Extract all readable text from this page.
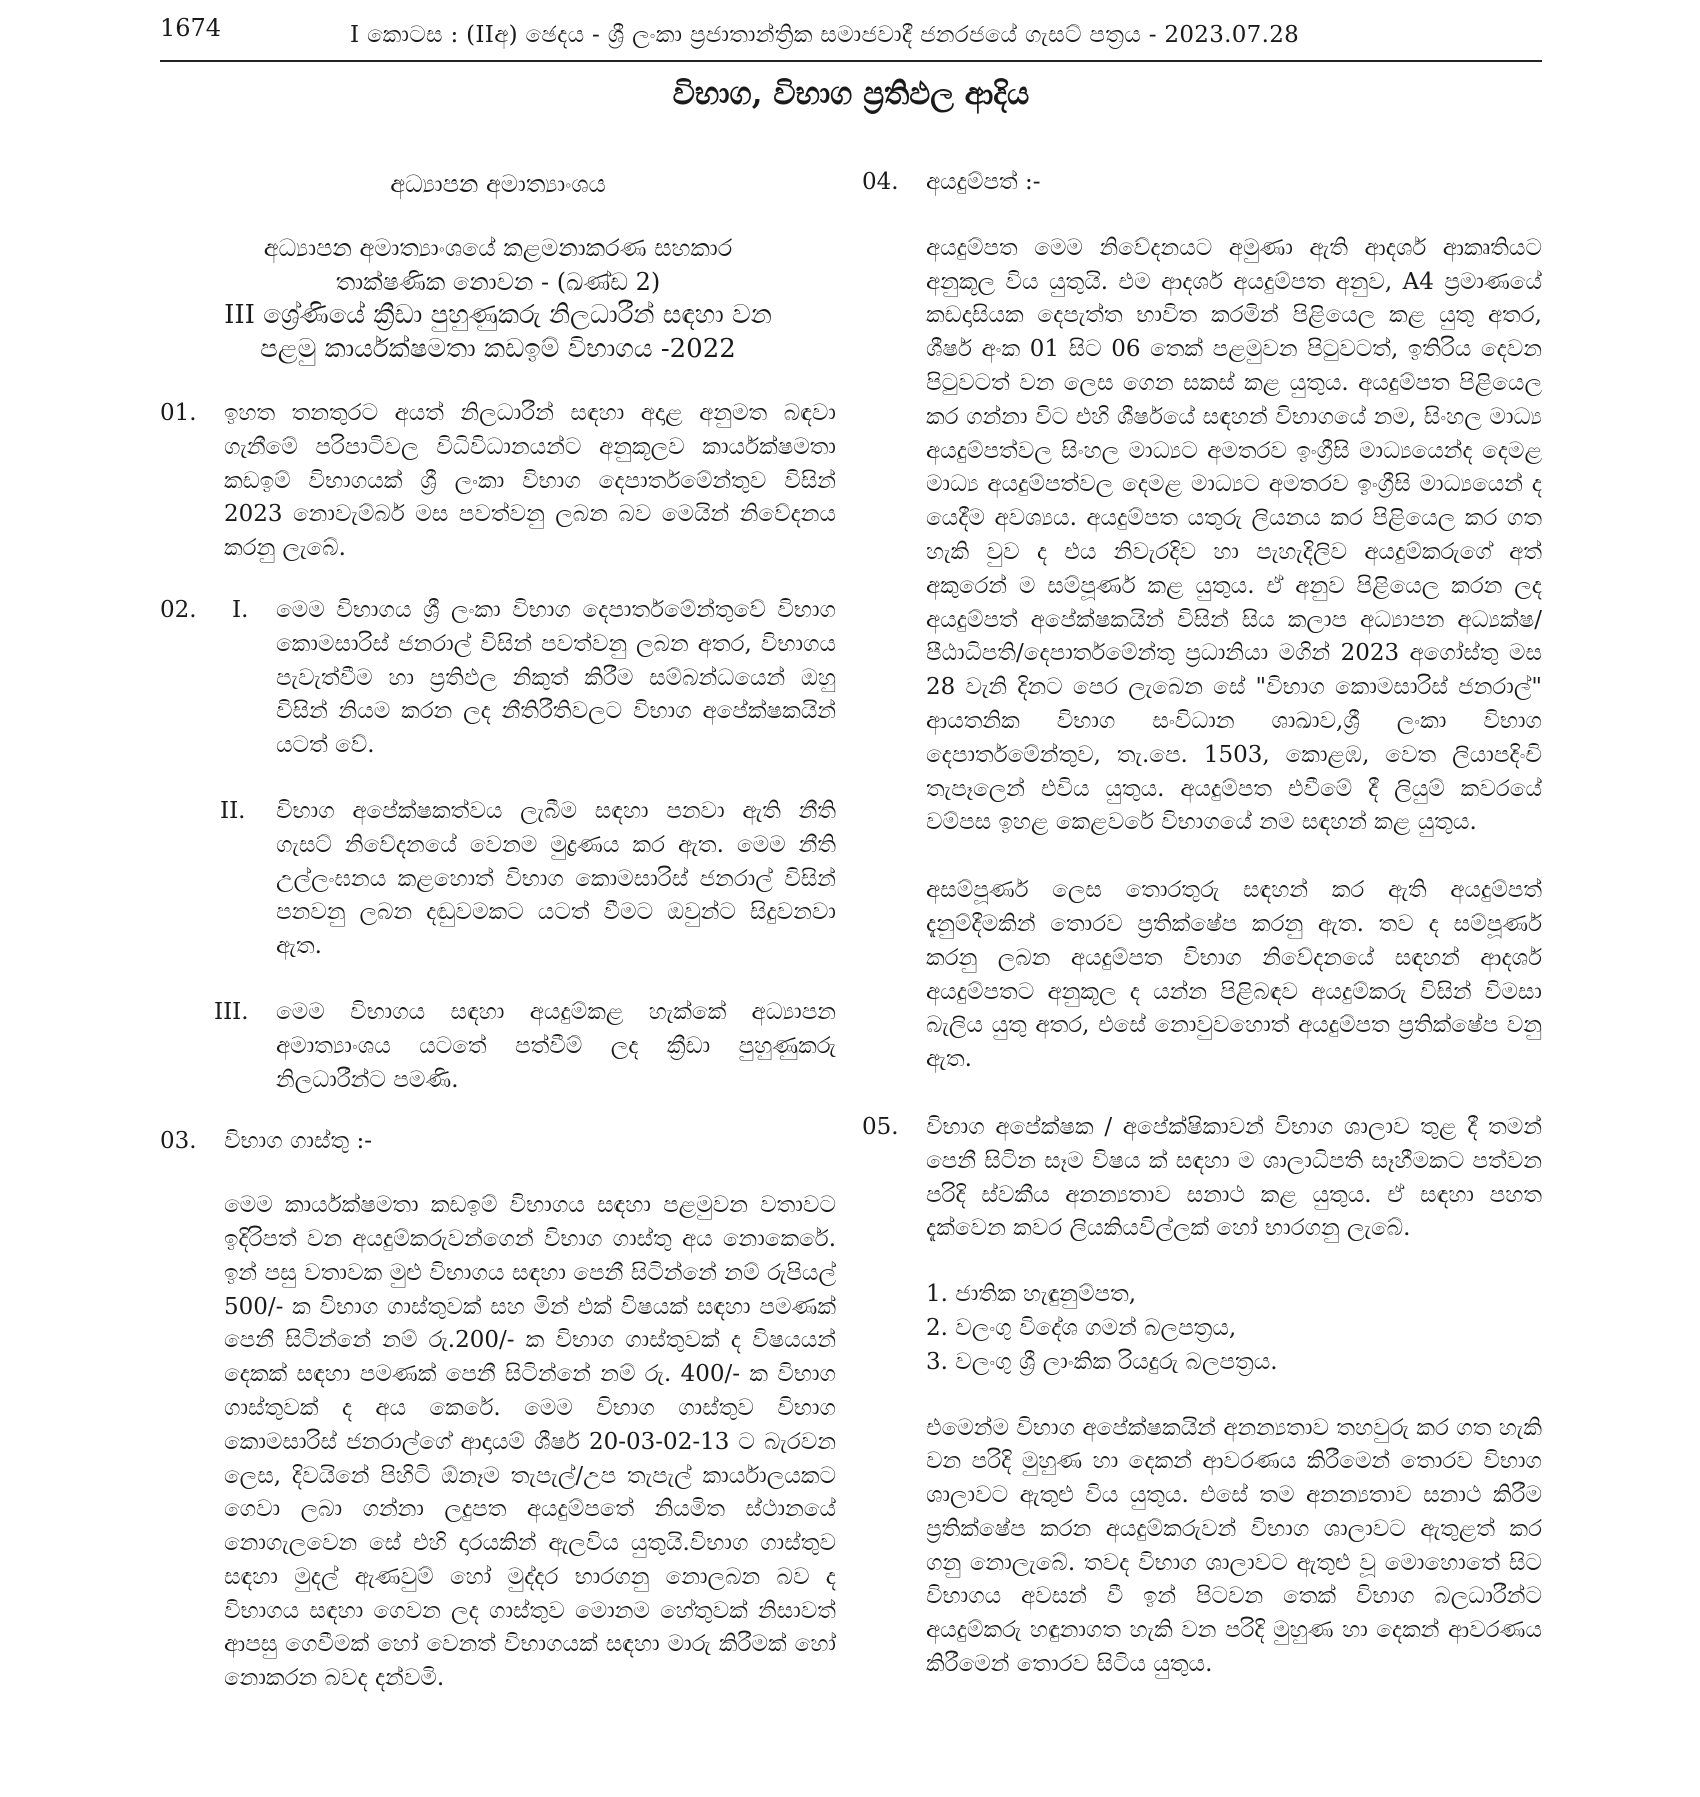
1674	I කොටස : (IIඅ) ඡෙදය - ශ්‍රී ලංකා ප්‍රජාතාන්ත්‍රික සමාජවාදී ජනරජයේ ගැසට් පත්‍රය - 2023.07.28
විභාග, විභාග ප්‍රතිඵල ආදිය
අධ්‍යාපන අමාත්‍යාංශය
අධ්‍යාපන අමාත්‍යාංශයේ කළමනාකරණ සහකාර
තාක්ෂණික නොවන - (ඛණ්ඩ 2)
III ශ්‍රේණියේ ක්‍රීඩා පුහුණුකරු නිලධාරීන් සඳහා වන
පළමු කාර්යක්ෂමතා කඩඉම් විභාගය -2022
01. ඉහත තනතුරට අයත් නිලධාරීන් සඳහා අදාළ අනුමත බඳවා ගැනීමේ පරිපාටිවල විධිවිධානයන්ට අනුකූලව කාර්යක්ෂමතා කඩඉම් විභාගයක් ශ්‍රී ලංකා විභාග දෙපාර්තමේන්තුව විසින් 2023 නොවැම්බර් මස පවත්වනු ලබන බව මෙයින් නිවේදනය කරනු ලැබේ.

02. I. මෙම විභාගය ශ්‍රී ලංකා විභාග දෙපාර්තමේන්තුවේ විභාග කොමසාරිස් ජනරාල් විසින් පවත්වනු ලබන අතර, විභාගය පැවැත්වීම හා ප්‍රතිඵල නිකුත් කිරීම සම්බන්ධයෙන් ඔහු විසින් නියම කරන ලද නීතිරීතිවලට විභාග අපේක්ෂකයින් යටත් වේ.

II. විභාග අපේක්ෂකත්වය ලැබීම සඳහා පනවා ඇති නීති ගැසට් නිවේදනයේ වෙනම මුද්‍රණය කර ඇත. මෙම නීති උල්ලංඝනය කළහොත් විභාග කොමසාරිස් ජනරාල් විසින් පනවනු ලබන දඬුවමකට යටත් වීමට ඔවුන්ට සිදුවනවා ඇත.

III. මෙම විභාගය සඳහා අයදුම්කළ හැක්කේ අධ්‍යාපන අමාත්‍යාංශය යටතේ පත්වීම් ලද ක්‍රීඩා පුහුණුකරු නිලධාරීන්ට පමණි.

03. විභාග ගාස්තු :-

මෙම කාර්යක්ෂමතා කඩඉම් විභාගය සඳහා පළමුවන වතාවට ඉදිරිපත් වන අයදුම්කරුවන්ගෙන් විභාග ගාස්තු අය නොකෙරේ. ඉන් පසු වතාවක මුළු විභාගය සඳහා පෙනී සිටින්නේ නම් රුපියල් 500/- ක විභාග ගාස්තුවක් සහ මින් එක් විෂයක් සඳහා පමණක් පෙනී සිටින්නේ නම් රු.200/- ක විභාග ගාස්තුවක් ද විෂයයන් දෙකක් සඳහා පමණක් පෙනී සිටින්නේ නම් රු. 400/- ක විභාග ගාස්තුවක් ද අය කෙරේ. මෙම විභාග ගාස්තුව විභාග කොමසාරිස් ජනරාල්ගේ ආදායම් ශීර්ෂ 20-03-02-13 ට බැරවන ලෙස, දිවයිනේ පිහිටි ඕනෑම තැපැල්/උප තැපැල් කාර්යාලයකට ගෙවා ලබා ගන්නා ලදුපත අයදුම්පතේ නියමිත ස්ථානයේ නොගැලවෙන සේ එහි දාරයකින් ඇලවිය යුතුයි.විභාග ගාස්තුව සඳහා මුදල් ඇණවුම් හෝ මුද්දර භාරගනු නොලබන බව ද විභාගය සඳහා ගෙවන ලද ගාස්තුව මොනම හේතුවක් නිසාවත් ආපසු ගෙවීමක් හෝ වෙනත් විභාගයක් සඳහා මාරු කිරීමක් හෝ නොකරන බවද දන්වමි.

04. අයදුම්පත් :-

අයදුම්පත මෙම නිවේදනයට අමුණා ඇති ආදර්ශ ආකෘතියට අනුකූල විය යුතුයි. එම ආදර්ශ අයදුම්පත අනුව, A4 ප්‍රමාණයේ කඩදාසියක දෙපැත්ත භාවිත කරමින් පිළියෙල කළ යුතු අතර, ශීර්ෂ අංක 01 සිට 06 තෙක් පළමුවන පිටුවටත්, ඉතිරිය දෙවන පිටුවටත් වන ලෙස ගෙන සකස් කළ යුතුය. අයදුම්පත පිළියෙල කර ගන්නා විට එහි ශීර්ෂයේ සඳහන් විභාගයේ නම, සිංහල මාධ්‍ය අයදුම්පත්වල සිංහල මාධ්‍යට අමතරව ඉංග්‍රීසි මාධ්‍යයෙන්ද දෙමළ මාධ්‍ය අයදුම්පත්වල දෙමළ මාධ්‍යට අමතරව ඉංග්‍රීසි මාධ්‍යයෙන් ද යෙදීම අවශ්‍යය. අයදුම්පත යතුරු ලියනය කර පිළියෙල කර ගත හැකි වුව ද එය නිවැරදිව හා පැහැදිලිව අයදුම්කරුගේ අත් අකුරෙන් ම සම්පූර්ණ කළ යුතුය. ඒ අනුව පිළියෙල කරන ලද අයදුම්පත් අපේක්ෂකයින් විසින් සිය කලාප අධ්‍යාපන අධ්‍යක්ෂ/පීඨාධිපති/දෙපාර්තමේන්තු ප්‍රධානියා මගින් 2023 අගෝස්තු මස 28 වැනි දිනට පෙර ලැබෙන සේ "විභාග කොමසාරිස් ජනරාල්" ආයතනික විභාග සංවිධාන ශාඛාව,ශ්‍රී ලංකා විභාග දෙපාර්තමේන්තුව, තැ.පෙ. 1503, කොළඹ, වෙත ලියාපදිංචි තැපෑලෙන් එවිය යුතුය. අයදුම්පත එවීමේ දී ලියුම් කවරයේ වම්පස ඉහළ කෙළවරේ විභාගයේ නම සඳහන් කළ යුතුය.

අසම්පූර්ණ ලෙස තොරතුරු සඳහන් කර ඇති අයදුම්පත් දැනුම්දීමකින් තොරව ප්‍රතික්ෂේප කරනු ඇත. තව ද සම්පූර්ණ කරනු ලබන අයදුම්පත විභාග නිවේදනයේ සඳහන් ආදර්ශ අයදුම්පතට අනුකූල ද යන්න පිළිබඳව අයදුම්කරු විසින් විමසා බැලිය යුතු අතර, එසේ නොවුවහොත් අයදුම්පත ප්‍රතික්ෂේප වනු ඇත.

05. විභාග අපේක්ෂක / අපේක්ෂිකාවන් විභාග ශාලාව තුළ දී තමන් පෙනී සිටින සෑම විෂය ක් සඳහා ම ශාලාධිපති සෑහීමකට පත්වන පරිදි ස්වකීය අනන්‍යතාව සනාථ කළ යුතුය. ඒ සඳහා පහත දැක්වෙන කවර ලියකියවිල්ලක් හෝ භාරගනු ලැබේ.

1. ජාතික හැඳුනුම්පත,
2. වලංගු විදේශ ගමන් බලපත්‍රය,
3. වලංගු ශ්‍රී ලාංකික රියදුරු බලපත්‍රය.

එමෙන්ම විභාග අපේක්ෂකයින් අනන්‍යතාව තහවුරු කර ගත හැකි වන පරිදි මුහුණ හා දෙකන් ආවරණය කිරීමෙන් තොරව විභාග ශාලාවට ඇතුළු විය යුතුය. එසේ තම අනන්‍යතාව සනාථ කිරීම ප්‍රතික්ෂේප කරන අයදුම්කරුවන් විභාග ශාලාවට ඇතුළත් කර ගනු නොලැබේ. තවද විභාග ශාලාවට ඇතුළු වූ මොහොතේ සිට විභාගය අවසන් වී ඉන් පිටවන තෙක් විභාග බලධාරීන්ට අයදුම්කරු හඳුනාගත හැකි වන පරිදි මුහුණ හා දෙකන් ආවරණය කිරීමෙන් තොරව සිටිය යුතුය.
